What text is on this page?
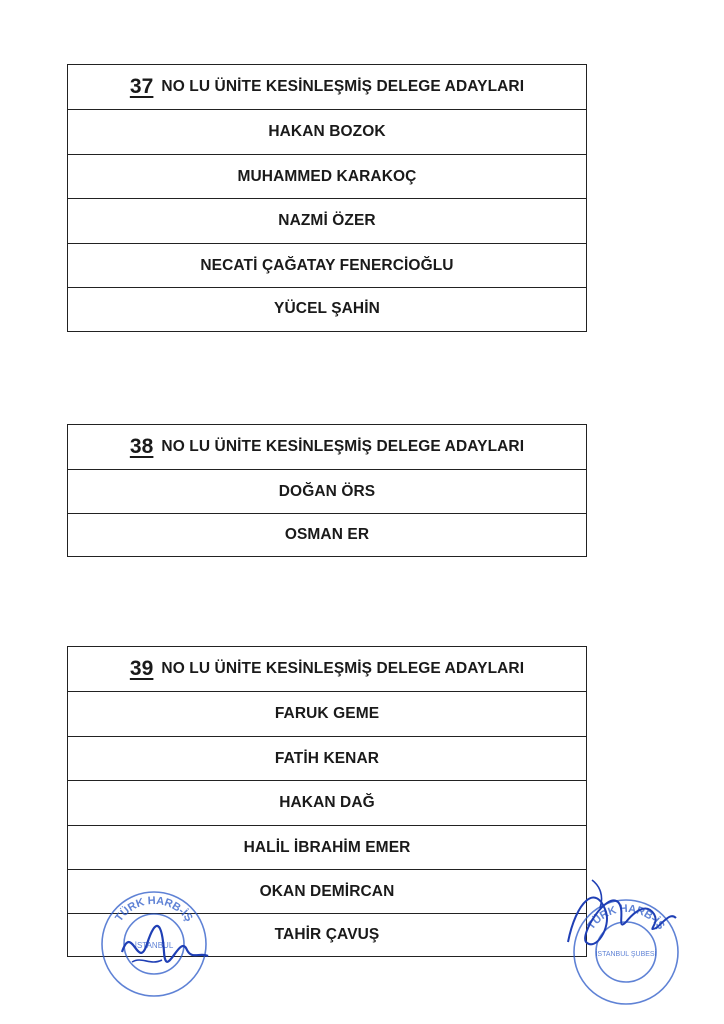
37 NO LU ÜNİTE KESİNLEŞMİŞ DELEGE ADAYLARI
HAKAN BOZOK
MUHAMMED KARAKOÇ
NAZMİ ÖZER
NECATİ ÇAĞATAY FENERCİOĞLU
YÜCEL ŞAHİN
38 NO LU ÜNİTE KESİNLEŞMİŞ DELEGE ADAYLARI
DOĞAN ÖRS
OSMAN ER
39 NO LU ÜNİTE KESİNLEŞMİŞ DELEGE ADAYLARI
FARUK GEME
FATİH KENAR
HAKAN DAĞ
HALİL İBRAHİM EMER
OKAN DEMİRCAN
TAHİR ÇAVUŞ
TÜRK HARB-İŞ
İSTANBUL
TÜRK HARB-İŞ
İSTANBUL ŞUBESİ
